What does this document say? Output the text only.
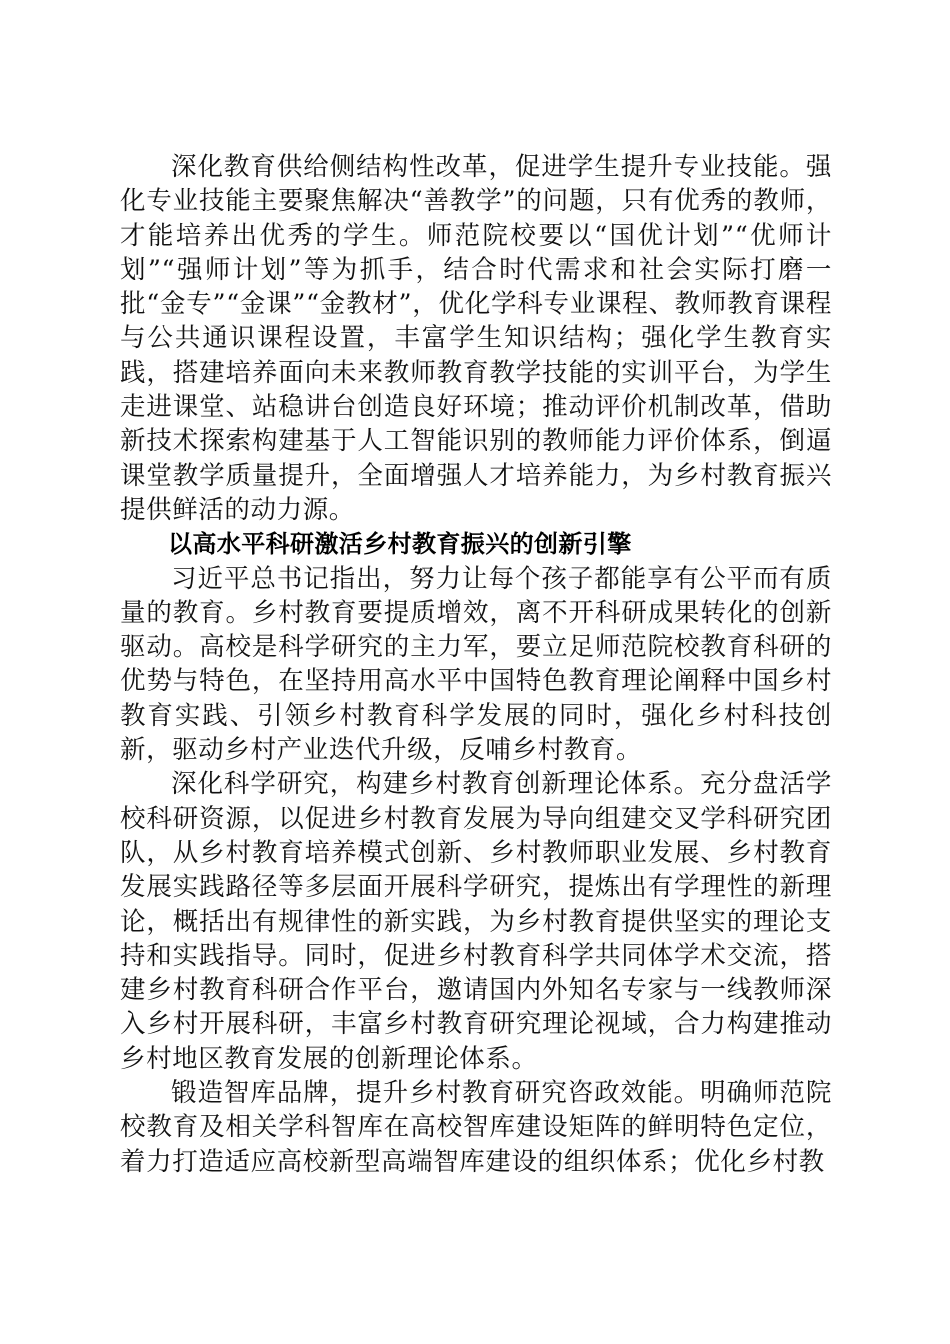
深化教育供给侧结构性改革，促进学生提升专业技能。强化专业技能主要聚焦解决“善教学”的问题，只有优秀的教师，才能培养出优秀的学生。师范院校要以“国优计划”“优师计划”“强师计划”等为抓手，结合时代需求和社会实际打磨一批“金专”“金课”“金教材”，优化学科专业课程、教师教育课程与公共通识课程设置，丰富学生知识结构；强化学生教育实践，搭建培养面向未来教师教育教学技能的实训平台，为学生走进课堂、站稳讲台创造良好环境；推动评价机制改革，借助新技术探索构建基于人工智能识别的教师能力评价体系，倒逼课堂教学质量提升，全面增强人才培养能力，为乡村教育振兴提供鲜活的动力源。

以高水平科研激活乡村教育振兴的创新引擎

习近平总书记指出，努力让每个孩子都能享有公平而有质量的教育。乡村教育要提质增效，离不开科研成果转化的创新驱动。高校是科学研究的主力军，要立足师范院校教育科研的优势与特色，在坚持用高水平中国特色教育理论阐释中国乡村教育实践、引领乡村教育科学发展的同时，强化乡村科技创新，驱动乡村产业迭代升级，反哺乡村教育。

深化科学研究，构建乡村教育创新理论体系。充分盘活学校科研资源，以促进乡村教育发展为导向组建交叉学科研究团队，从乡村教育培养模式创新、乡村教师职业发展、乡村教育发展实践路径等多层面开展科学研究，提炼出有学理性的新理论，概括出有规律性的新实践，为乡村教育提供坚实的理论支持和实践指导。同时，促进乡村教育科学共同体学术交流，搭建乡村教育科研合作平台，邀请国内外知名专家与一线教师深入乡村开展科研，丰富乡村教育研究理论视域，合力构建推动乡村地区教育发展的创新理论体系。

锻造智库品牌，提升乡村教育研究咨政效能。明确师范院校教育及相关学科智库在高校智库建设矩阵的鲜明特色定位，着力打造适应高校新型高端智库建设的组织体系；优化乡村教
